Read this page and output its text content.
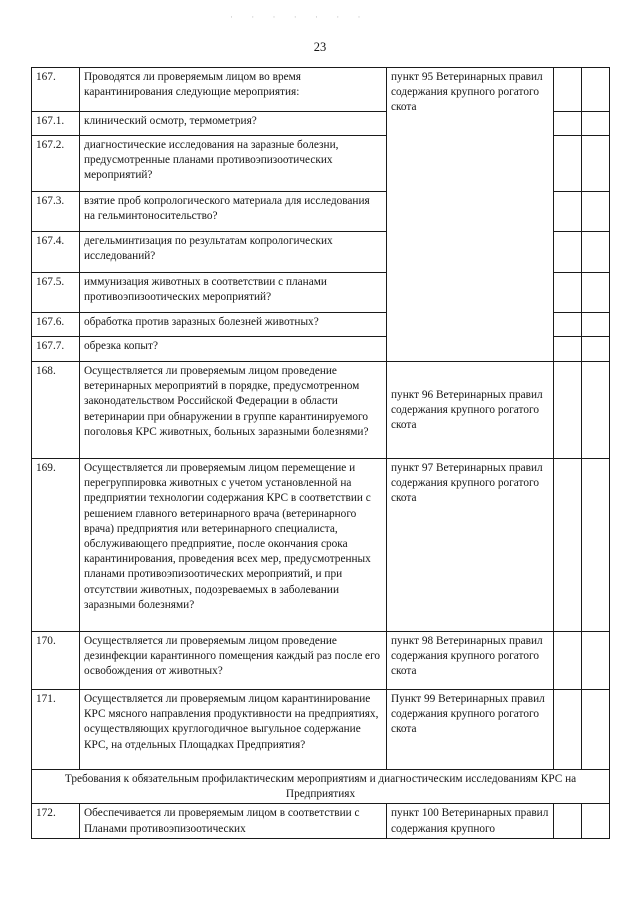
· · · · · · ·
23
167.	Проводятся ли проверяемым лицом во время карантинирования следующие мероприятия:	пункт 95 Ветеринарных правил содержания крупного рогатого скота		
167.1.	клинический осмотр, термометрия?			
167.2.	диагностические исследования на заразные болезни, предусмотренные планами противоэпизоотических мероприятий?			
167.3.	взятие проб копрологического материала для исследования на гельминтоносительство?			
167.4.	дегельминтизация по результатам копрологических исследований?			
167.5.	иммунизация животных в соответствии с планами противоэпизоотических мероприятий?			
167.6.	обработка против заразных болезней животных?			
167.7.	обрезка копыт?			
168.	Осуществляется ли проверяемым лицом проведение ветеринарных мероприятий в порядке, предусмотренном законодательством Российской Федерации в области ветеринарии при обнаружении в группе карантинируемого поголовья КРС животных, больных заразными болезнями?	пункт 96 Ветеринарных правил содержания крупного рогатого скота		
169.	Осуществляется ли проверяемым лицом перемещение и перегруппировка животных с учетом установленной на предприятии технологии содержания КРС в соответствии с решением главного ветеринарного врача (ветеринарного врача) предприятия или ветеринарного специалиста, обслуживающего предприятие, после окончания срока карантинирования, проведения всех мер, предусмотренных планами противоэпизоотических мероприятий, и при отсутствии животных, подозреваемых в заболевании заразными болезнями?	пункт 97 Ветеринарных правил содержания крупного рогатого скота		
170.	Осуществляется ли проверяемым лицом проведение дезинфекции карантинного помещения каждый раз после его освобождения от животных?	пункт 98 Ветеринарных правил содержания крупного рогатого скота		
171.	Осуществляется ли проверяемым лицом карантинирование КРС мясного направления продуктивности на предприятиях, осуществляющих круглогодичное выгульное содержание КРС, на отдельных Площадках Предприятия?	Пункт 99 Ветеринарных правил содержания крупного рогатого скота		
Требования к обязательным профилактическим мероприятиям и диагностическим исследованиям КРС на Предприятиях				
172.	Обеспечивается ли проверяемым лицом в соответствии с Планами противоэпизоотических	пункт 100 Ветеринарных правил содержания крупного		
